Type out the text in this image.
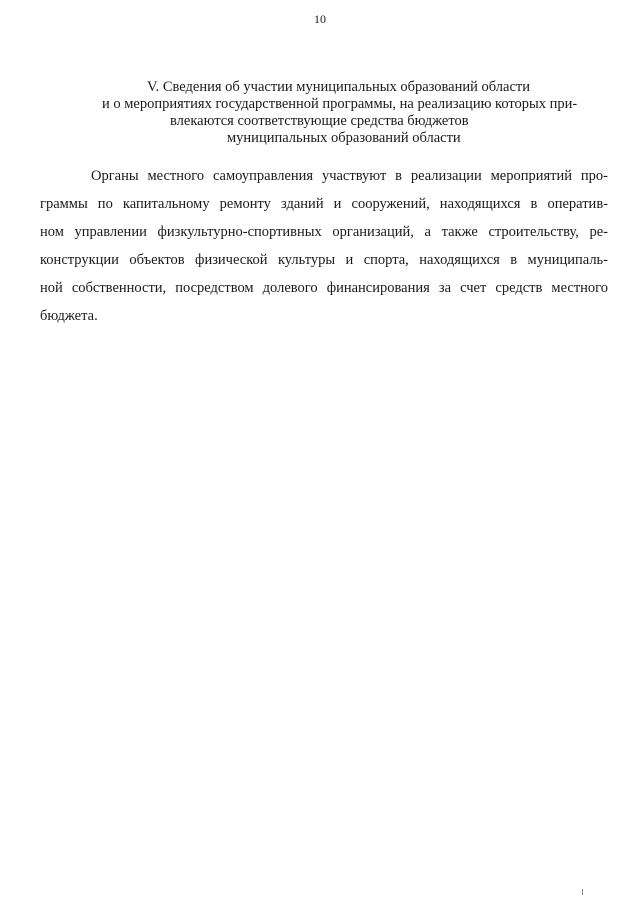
10
V. Сведения об участии муниципальных образований области
и о мероприятиях государственной программы, на реализацию которых при-
влекаются соответствующие средства бюджетов
муниципальных образований области
Органы местного самоуправления участвуют в реализации мероприятий про-
граммы по капитальному ремонту зданий и сооружений, находящихся в оператив-
ном управлении физкультурно-спортивных организаций, а также строительству, ре-
конструкции объектов физической культуры и спорта, находящихся в муниципаль-
ной собственности, посредством долевого финансирования за счет средств местного
бюджета.
